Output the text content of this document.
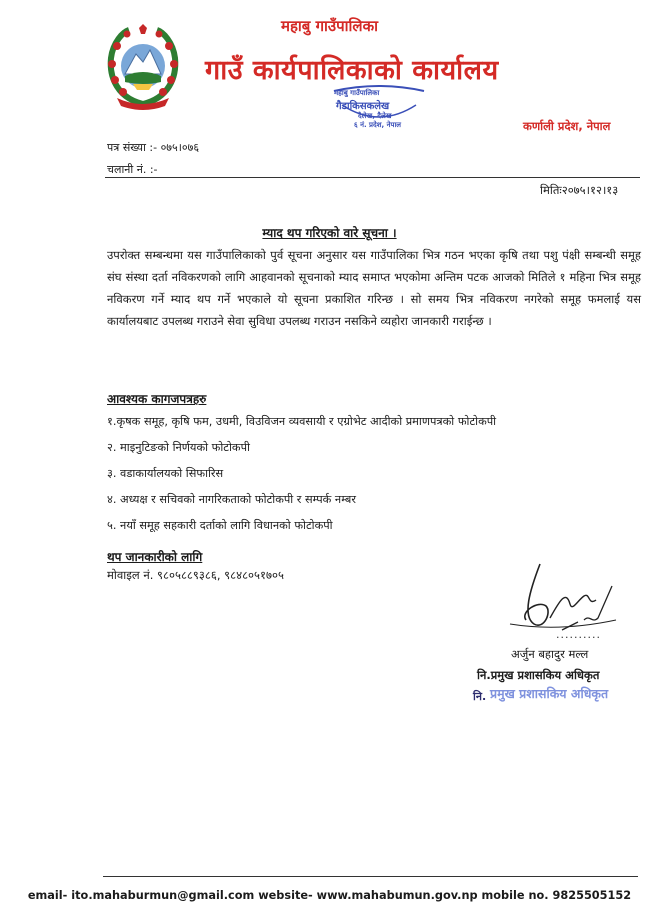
महाबु गाउँपालिका
गाउँ कार्यपालिकाको कार्यालय
कर्णाली प्रदेश, नेपाल
महाबु गाउँपालिका
गैडाकिसकलेख
दैलेख, दैलेख
६ नं. प्रदेश, नेपाल
पत्र संख्या :- ०७५।०७६
चलानी नं. :-
मितिः२०७५।१२।१३
म्याद थप गरिएको वारे सूचना ।
उपरोक्त सम्बन्धमा यस गाउँपालिकाको पुर्व सूचना अनुसार यस गाउँपालिका भित्र गठन भएका कृषि तथा पशु पंक्षी सम्बन्धी समूह संघ संस्था दर्ता नविकरणको लागि आहवानको सूचनाको म्याद समाप्त भएकोमा अन्तिम पटक आजको मितिले १ महिना भित्र समूह नविकरण गर्ने म्याद थप गर्ने भएकाले यो सूचना प्रकाशित गरिन्छ । सो समय भित्र नविकरण नगरेको समूह फमलाई यस कार्यालयबाट उपलब्ध गराउने सेवा सुविधा उपलब्ध गराउन नसकिने व्यहोरा जानकारी गराईन्छ ।
आवश्यक कागजपत्रहरु
१.कृषक समूह, कृषि फम, उधमी, विउविजन व्यवसायी र एग्रोभेट आदीको प्रमाणपत्रको फोटोकपी
२. माइनुटिङको निर्णयको फोटोकपी
३. वडाकार्यालयको सिफारिस
४. अध्यक्ष र सचिवको नागरिकताको फोटोकपी र सम्पर्क नम्बर
५. नयाँ समूह सहकारी दर्ताको लागि विधानको फोटोकपी
थप जानकारीको लागि
मोवाइल नं. ९८०५८८९३८६, ९८४८०५१७०५
..........
अर्जुन बहादुर मल्ल
नि.प्रमुख प्रशासकिय अधिकृत
नि. प्रमुख प्रशासकिय अधिकृत
email- ito.mahaburmun@gmail.com website- www.mahabumun.gov.np mobile no. 9825505152
